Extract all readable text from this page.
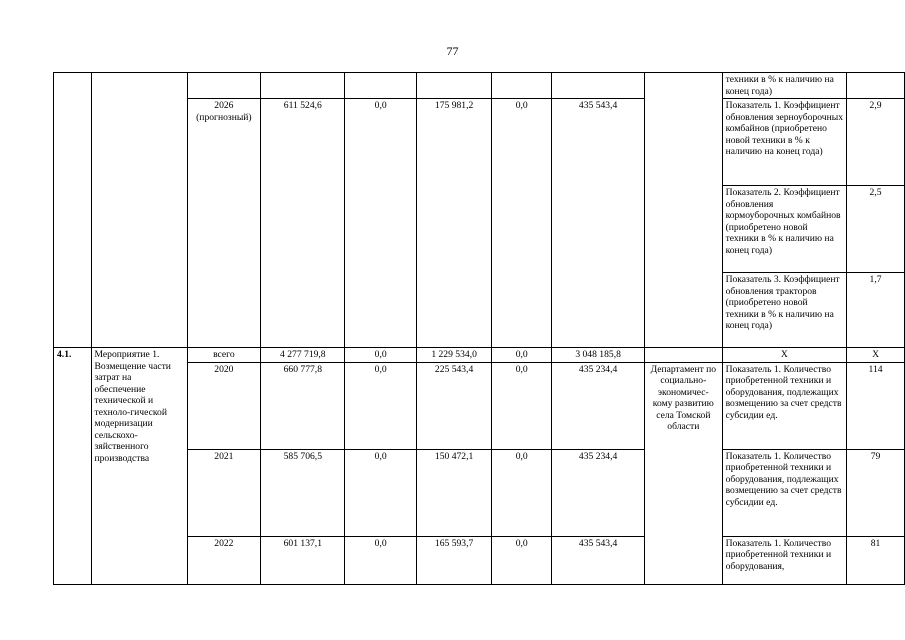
77
									техники в % к наличию на конец года)	
		2026 (прогнозный)	611 524,6	0,0	175 981,2	0,0	435 543,4		Показатель 1. Коэффициент обновления зерноуборочных комбайнов (приобретено новой техники в % к наличию на конец года)	2,9
									Показатель 2. Коэффициент обновления кормоуборочных комбайнов (приобретено новой техники в % к наличию на конец года)	2,5
									Показатель 3. Коэффициент обновления тракторов (приобретено новой техники в % к наличию на конец года)	1,7
4.1.	Мероприятие 1. Возмещение части затрат на обеспечение технической и техноло-гической модернизации сельскохо-зяйственного производства	всего	4 277 719,8	0,0	1 229 534,0	0,0	3 048 185,8		Х	Х
		2020	660 777,8	0,0	225 543,4	0,0	435 234,4	Департамент по социально-экономичес-кому развитию села Томской области	Показатель 1. Количество приобретенной техники и оборудования, подлежащих возмещению за счет средств субсидии ед.	114
		2021	585 706,5	0,0	150 472,1	0,0	435 234,4		Показатель 1. Количество приобретенной техники и оборудования, подлежащих возмещению за счет средств субсидии ед.	79
		2022	601 137,1	0,0	165 593,7	0,0	435 543,4		Показатель 1. Количество приобретенной техники и оборудования,	81
